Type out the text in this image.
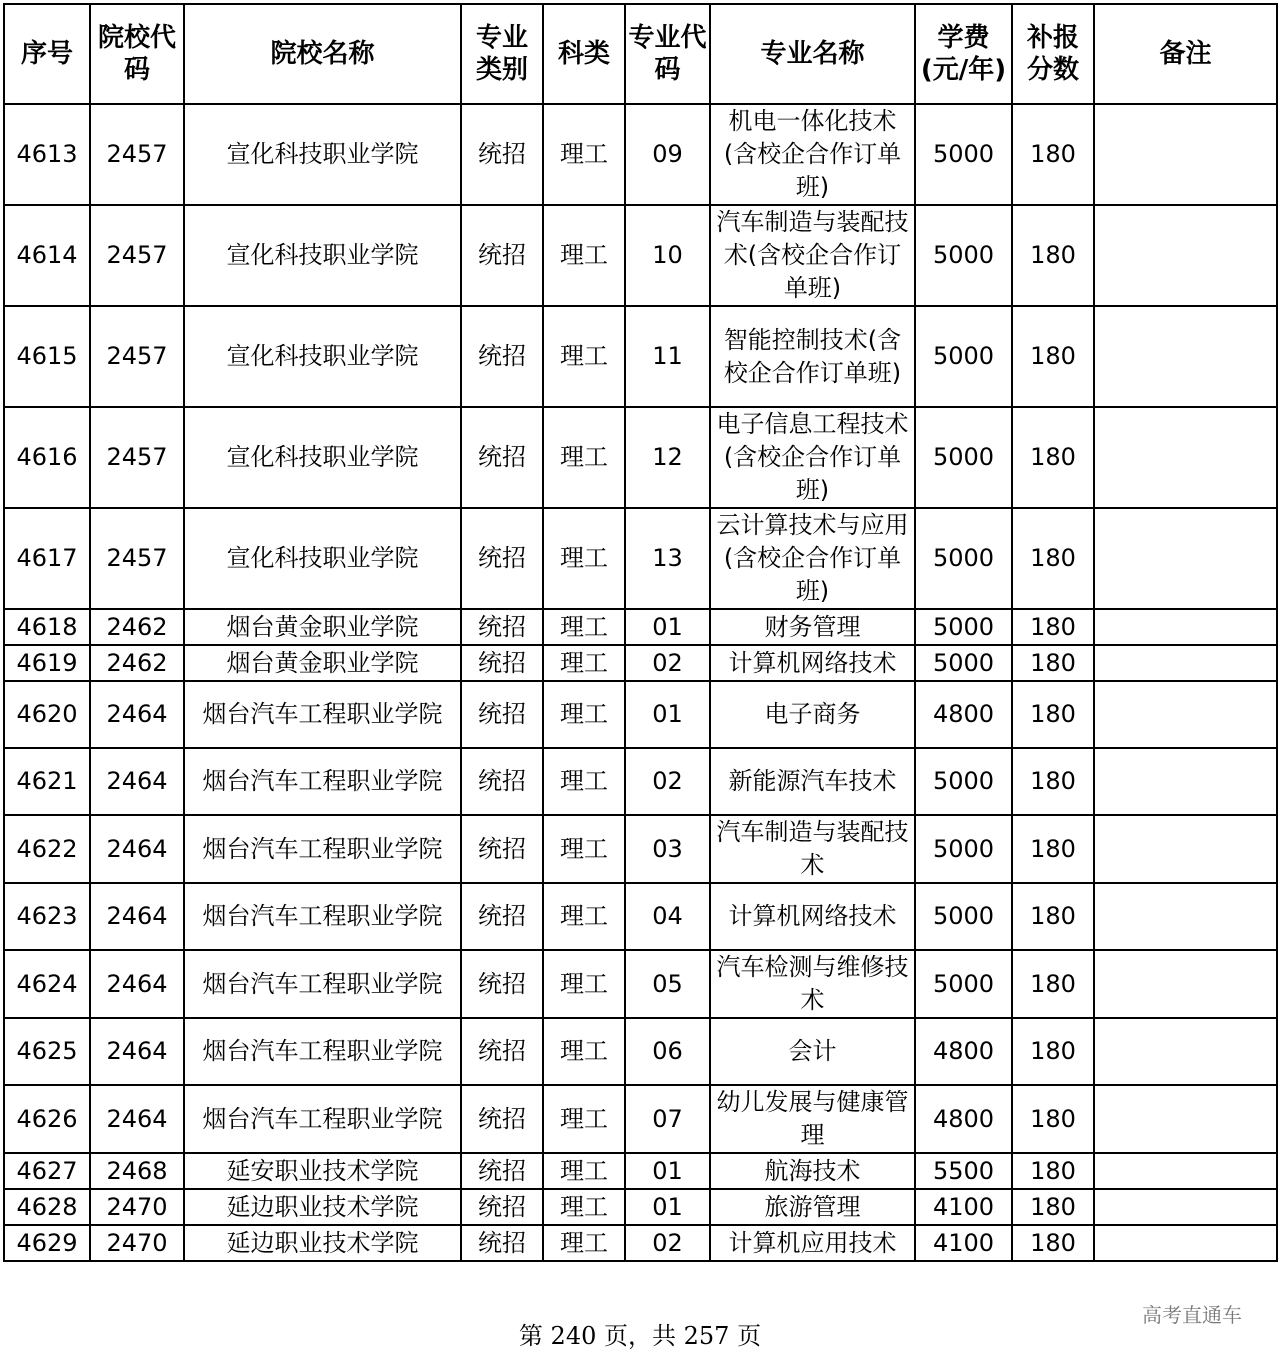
序号	院校代码	院校名称	专业类别	科类	专业代码	专业名称	学费(元/年)	补报分数	备注
4613	2457	宣化科技职业学院	统招	理工	09	机电一体化技术(含校企合作订单班)	5000	180	
4614	2457	宣化科技职业学院	统招	理工	10	汽车制造与装配技术(含校企合作订单班)	5000	180	
4615	2457	宣化科技职业学院	统招	理工	11	智能控制技术(含校企合作订单班)	5000	180	
4616	2457	宣化科技职业学院	统招	理工	12	电子信息工程技术(含校企合作订单班)	5000	180	
4617	2457	宣化科技职业学院	统招	理工	13	云计算技术与应用(含校企合作订单班)	5000	180	
4618	2462	烟台黄金职业学院	统招	理工	01	财务管理	5000	180	
4619	2462	烟台黄金职业学院	统招	理工	02	计算机网络技术	5000	180	
4620	2464	烟台汽车工程职业学院	统招	理工	01	电子商务	4800	180	
4621	2464	烟台汽车工程职业学院	统招	理工	02	新能源汽车技术	5000	180	
4622	2464	烟台汽车工程职业学院	统招	理工	03	汽车制造与装配技术	5000	180	
4623	2464	烟台汽车工程职业学院	统招	理工	04	计算机网络技术	5000	180	
4624	2464	烟台汽车工程职业学院	统招	理工	05	汽车检测与维修技术	5000	180	
4625	2464	烟台汽车工程职业学院	统招	理工	06	会计	4800	180	
4626	2464	烟台汽车工程职业学院	统招	理工	07	幼儿发展与健康管理	4800	180	
4627	2468	延安职业技术学院	统招	理工	01	航海技术	5500	180	
4628	2470	延边职业技术学院	统招	理工	01	旅游管理	4100	180	
4629	2470	延边职业技术学院	统招	理工	02	计算机应用技术	4100	180	
第 240 页，共 257 页
高考直通车
